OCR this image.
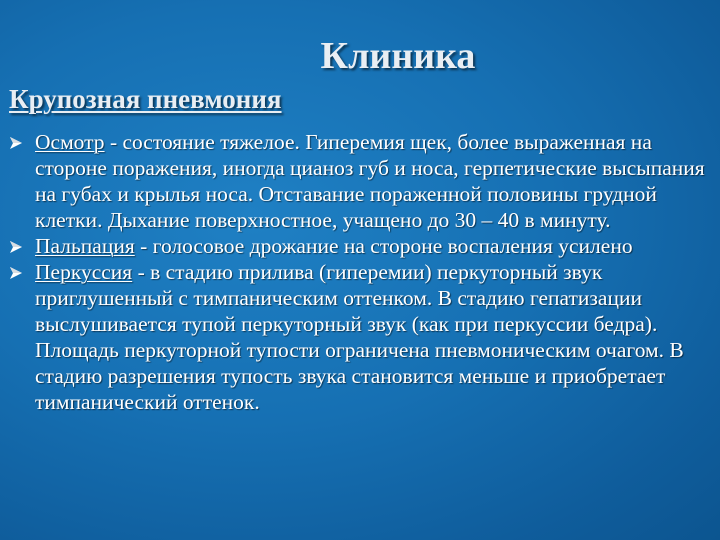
Клиника
Крупозная пневмония
Осмотр - состояние тяжелое. Гиперемия щек, более выраженная на стороне поражения, иногда цианоз губ и носа, герпетические высыпания на губах и крылья носа. Отставание пораженной половины грудной клетки. Дыхание поверхностное, учащено до 30 – 40 в минуту.
Пальпация - голосовое дрожание на стороне воспаления усилено
Перкуссия - в стадию прилива (гиперемии) перкуторный звук приглушенный с тимпаническим оттенком. В стадию гепатизации выслушивается тупой перкуторный звук (как при перкуссии бедра). Площадь перкуторной тупости ограничена пневмоническим очагом. В стадию разрешения тупость звука становится меньше и приобретает тимпанический оттенок.
